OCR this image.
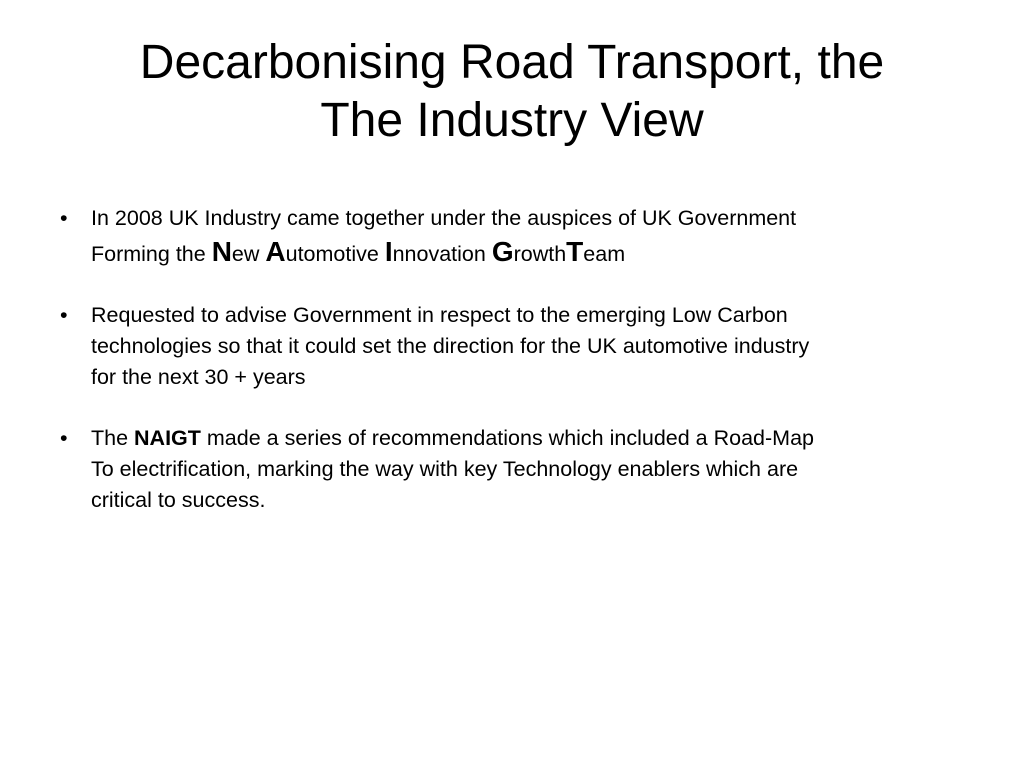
Decarbonising Road Transport, the
The Industry View
• In 2008 UK Industry came together under the auspices of UK Government
Forming the New Automotive Innovation GrowthTeam
• Requested to advise Government in respect to the emerging Low Carbon
technologies so that it could set the direction for the UK automotive industry
for the next 30 + years
• The NAIGT made a series of recommendations which included a Road-Map
To electrification, marking the way with key Technology enablers which are
critical to success.
